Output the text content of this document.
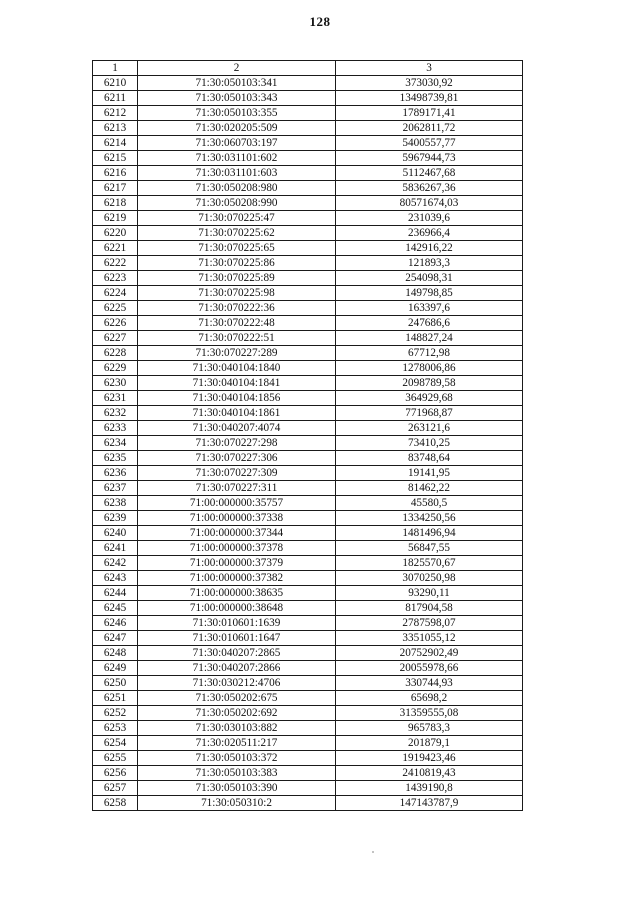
128
1	2	3
6210	71:30:050103:341	373030,92
6211	71:30:050103:343	13498739,81
6212	71:30:050103:355	1789171,41
6213	71:30:020205:509	2062811,72
6214	71:30:060703:197	5400557,77
6215	71:30:031101:602	5967944,73
6216	71:30:031101:603	5112467,68
6217	71:30:050208:980	5836267,36
6218	71:30:050208:990	80571674,03
6219	71:30:070225:47	231039,6
6220	71:30:070225:62	236966,4
6221	71:30:070225:65	142916,22
6222	71:30:070225:86	121893,3
6223	71:30:070225:89	254098,31
6224	71:30:070225:98	149798,85
6225	71:30:070222:36	163397,6
6226	71:30:070222:48	247686,6
6227	71:30:070222:51	148827,24
6228	71:30:070227:289	67712,98
6229	71:30:040104:1840	1278006,86
6230	71:30:040104:1841	2098789,58
6231	71:30:040104:1856	364929,68
6232	71:30:040104:1861	771968,87
6233	71:30:040207:4074	263121,6
6234	71:30:070227:298	73410,25
6235	71:30:070227:306	83748,64
6236	71:30:070227:309	19141,95
6237	71:30:070227:311	81462,22
6238	71:00:000000:35757	45580,5
6239	71:00:000000:37338	1334250,56
6240	71:00:000000:37344	1481496,94
6241	71:00:000000:37378	56847,55
6242	71:00:000000:37379	1825570,67
6243	71:00:000000:37382	3070250,98
6244	71:00:000000:38635	93290,11
6245	71:00:000000:38648	817904,58
6246	71:30:010601:1639	2787598,07
6247	71:30:010601:1647	3351055,12
6248	71:30:040207:2865	20752902,49
6249	71:30:040207:2866	20055978,66
6250	71:30:030212:4706	330744,93
6251	71:30:050202:675	65698,2
6252	71:30:050202:692	31359555,08
6253	71:30:030103:882	965783,3
6254	71:30:020511:217	201879,1
6255	71:30:050103:372	1919423,46
6256	71:30:050103:383	2410819,43
6257	71:30:050103:390	1439190,8
6258	71:30:050310:2	147143787,9
